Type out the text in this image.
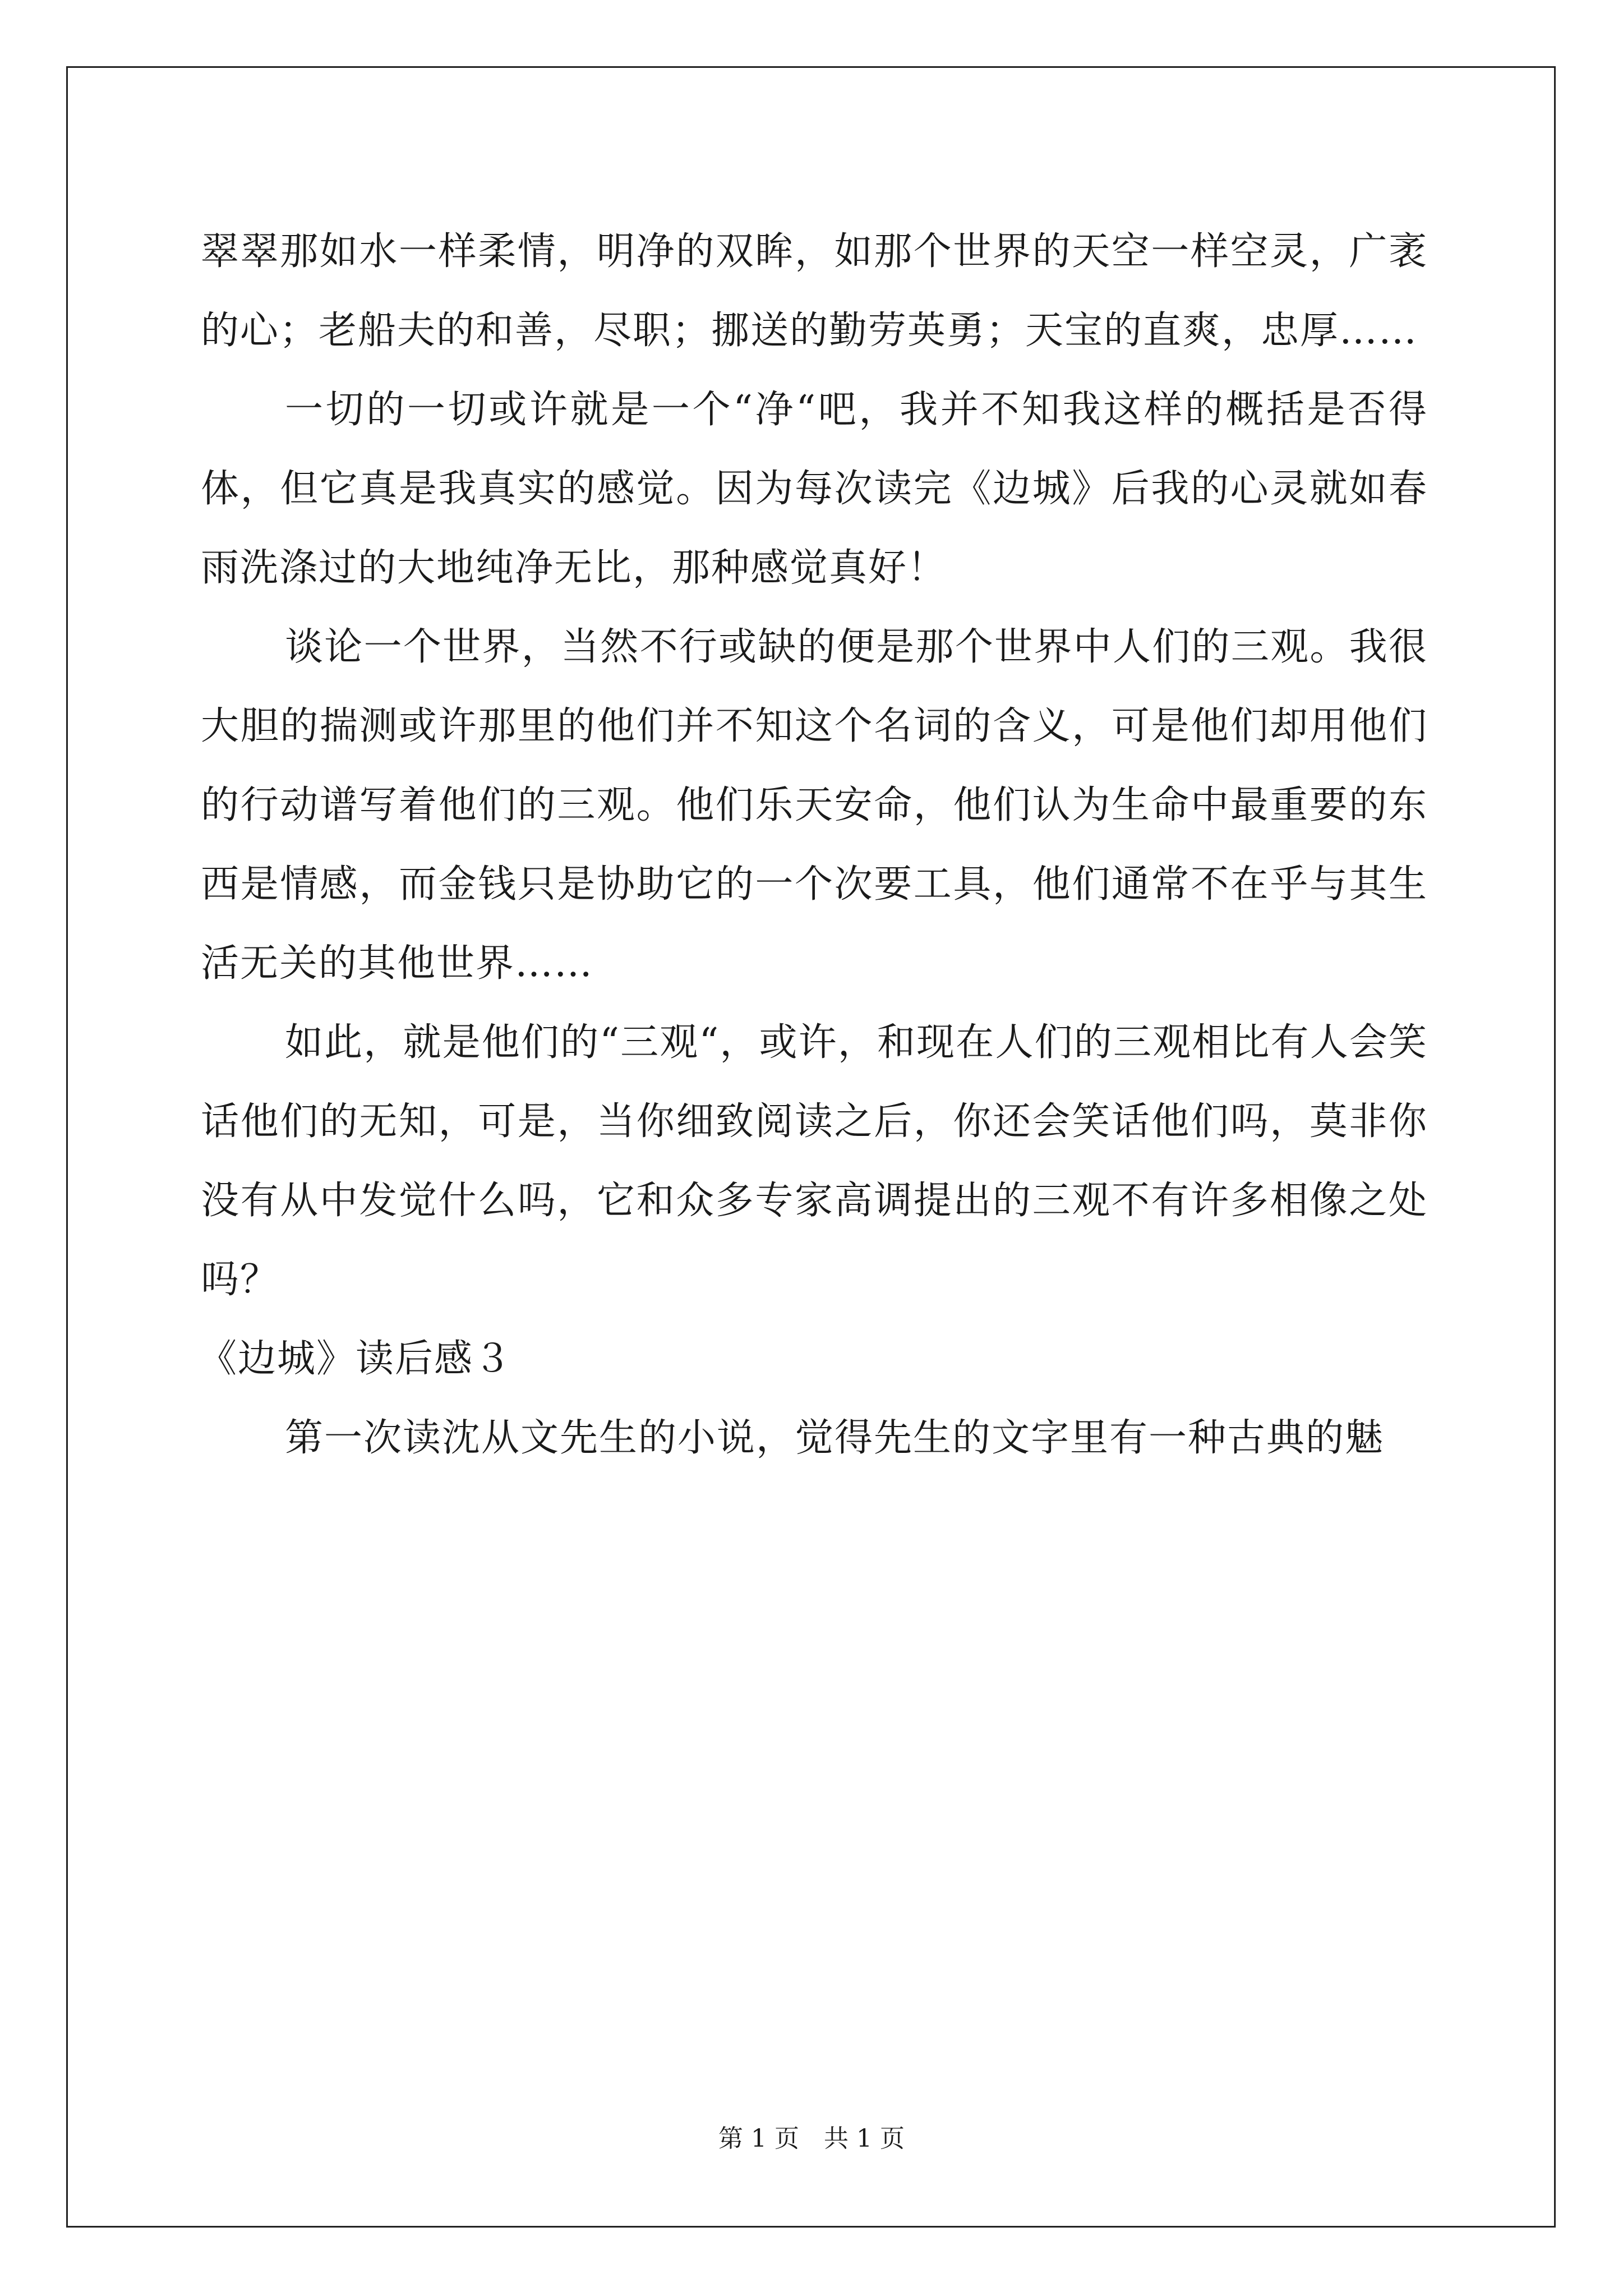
翠翠那如水一样柔情，明净的双眸，如那个世界的天空一样空灵，广袤的心；老船夫的和善，尽职；挪送的勤劳英勇；天宝的直爽，忠厚……

一切的一切或许就是一个“净“吧，我并不知我这样的概括是否得体，但它真是我真实的感觉。因为每次读完《边城》后我的心灵就如春雨洗涤过的大地纯净无比，那种感觉真好！

谈论一个世界，当然不行或缺的便是那个世界中人们的三观。我很大胆的揣测或许那里的他们并不知这个名词的含义，可是他们却用他们的行动谱写着他们的三观。他们乐天安命，他们认为生命中最重要的东西是情感，而金钱只是协助它的一个次要工具，他们通常不在乎与其生活无关的其他世界……

如此，就是他们的“三观“，或许，和现在人们的三观相比有人会笑话他们的无知，可是，当你细致阅读之后，你还会笑话他们吗，莫非你没有从中发觉什么吗，它和众多专家高调提出的三观不有许多相像之处吗？

《边城》读后感３

第一次读沈从文先生的小说，觉得先生的文字里有一种古典的魅

第 1 页　共 1 页
